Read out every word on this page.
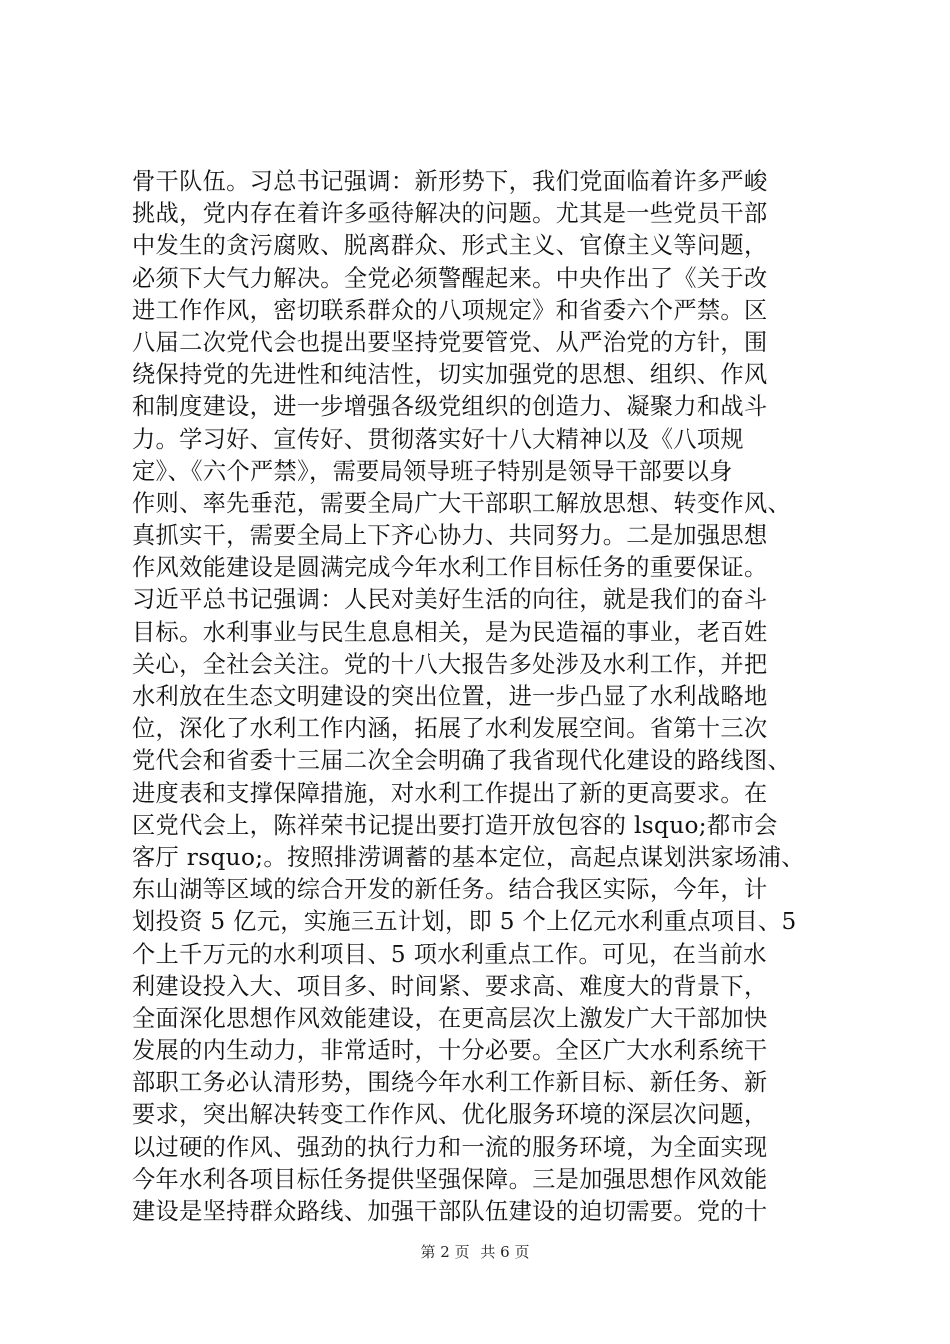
骨干队伍。习总书记强调：新形势下，我们党面临着许多严峻
挑战，党内存在着许多亟待解决的问题。尤其是一些党员干部
中发生的贪污腐败、脱离群众、形式主义、官僚主义等问题，
必须下大气力解决。全党必须警醒起来。中央作出了《关于改
进工作作风，密切联系群众的八项规定》和省委六个严禁。区
八届二次党代会也提出要坚持党要管党、从严治党的方针，围
绕保持党的先进性和纯洁性，切实加强党的思想、组织、作风
和制度建设，进一步增强各级党组织的创造力、凝聚力和战斗
力。学习好、宣传好、贯彻落实好十八大精神以及《八项规
定》、《六个严禁》，需要局领导班子特别是领导干部要以身
作则、率先垂范，需要全局广大干部职工解放思想、转变作风、
真抓实干，需要全局上下齐心协力、共同努力。二是加强思想
作风效能建设是圆满完成今年水利工作目标任务的重要保证。
习近平总书记强调：人民对美好生活的向往，就是我们的奋斗
目标。水利事业与民生息息相关，是为民造福的事业，老百姓
关心，全社会关注。党的十八大报告多处涉及水利工作，并把
水利放在生态文明建设的突出位置，进一步凸显了水利战略地
位，深化了水利工作内涵，拓展了水利发展空间。省第十三次
党代会和省委十三届二次全会明确了我省现代化建设的路线图、
进度表和支撑保障措施，对水利工作提出了新的更高要求。在
区党代会上，陈祥荣书记提出要打造开放包容的 lsquo;都市会
客厅 rsquo;。按照排涝调蓄的基本定位，高起点谋划洪家场浦、
东山湖等区域的综合开发的新任务。结合我区实际，今年，计
划投资 5 亿元，实施三五计划，即 5 个上亿元水利重点项目、5
个上千万元的水利项目、5 项水利重点工作。可见，在当前水
利建设投入大、项目多、时间紧、要求高、难度大的背景下，
全面深化思想作风效能建设，在更高层次上激发广大干部加快
发展的内生动力，非常适时，十分必要。全区广大水利系统干
部职工务必认清形势，围绕今年水利工作新目标、新任务、新
要求，突出解决转变工作作风、优化服务环境的深层次问题，
以过硬的作风、强劲的执行力和一流的服务环境，为全面实现
今年水利各项目标任务提供坚强保障。三是加强思想作风效能
建设是坚持群众路线、加强干部队伍建设的迫切需要。党的十
第 2 页 共 6 页
